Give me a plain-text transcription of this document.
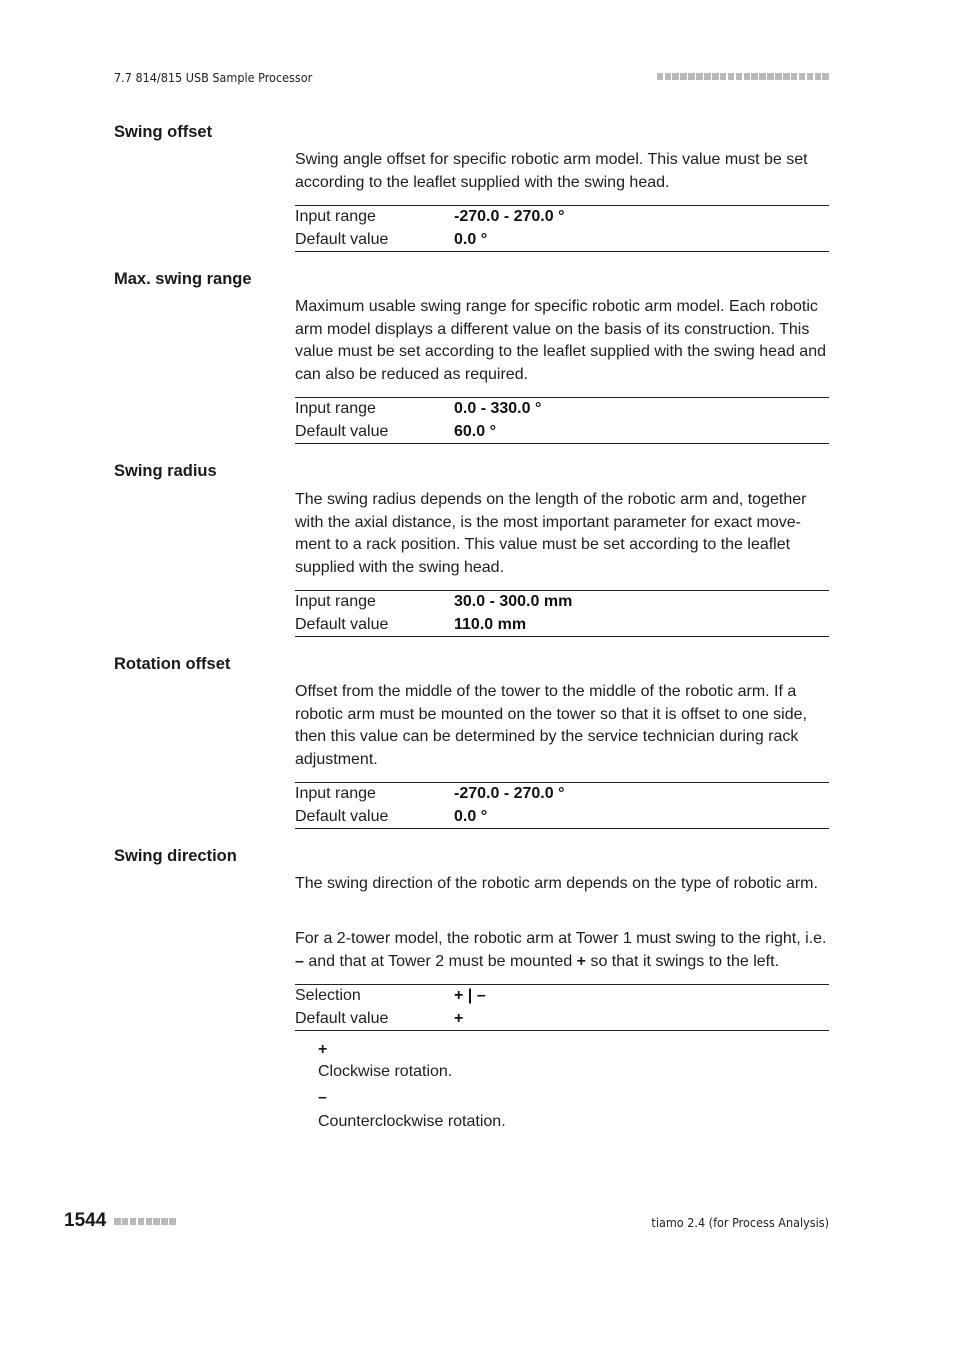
7.7 814/815 USB Sample Processor
Swing offset

Swing angle offset for specific robotic arm model. This value must be set according to the leaflet supplied with the swing head.

Input range	-270.0 - 270.0 °
Default value	0.0 °
Max. swing range

Maximum usable swing range for specific robotic arm model. Each robotic arm model displays a different value on the basis of its construction. This value must be set according to the leaflet supplied with the swing head and can also be reduced as required.

Input range	0.0 - 330.0 °
Default value	60.0 °
Swing radius

The swing radius depends on the length of the robotic arm and, together with the axial distance, is the most important parameter for exact move-ment to a rack position. This value must be set according to the leaflet supplied with the swing head.

Input range	30.0 - 300.0 mm
Default value	110.0 mm
Rotation offset

Offset from the middle of the tower to the middle of the robotic arm. If a robotic arm must be mounted on the tower so that it is offset to one side, then this value can be determined by the service technician during rack adjustment.

Input range	-270.0 - 270.0 °
Default value	0.0 °
Swing direction

The swing direction of the robotic arm depends on the type of robotic arm.

For a 2-tower model, the robotic arm at Tower 1 must swing to the right, i.e. – and that at Tower 2 must be mounted + so that it swings to the left.

Selection	+ | –
Default value	+
+
Clockwise rotation.
–
Counterclockwise rotation.
1544	tiamo 2.4 (for Process Analysis)
